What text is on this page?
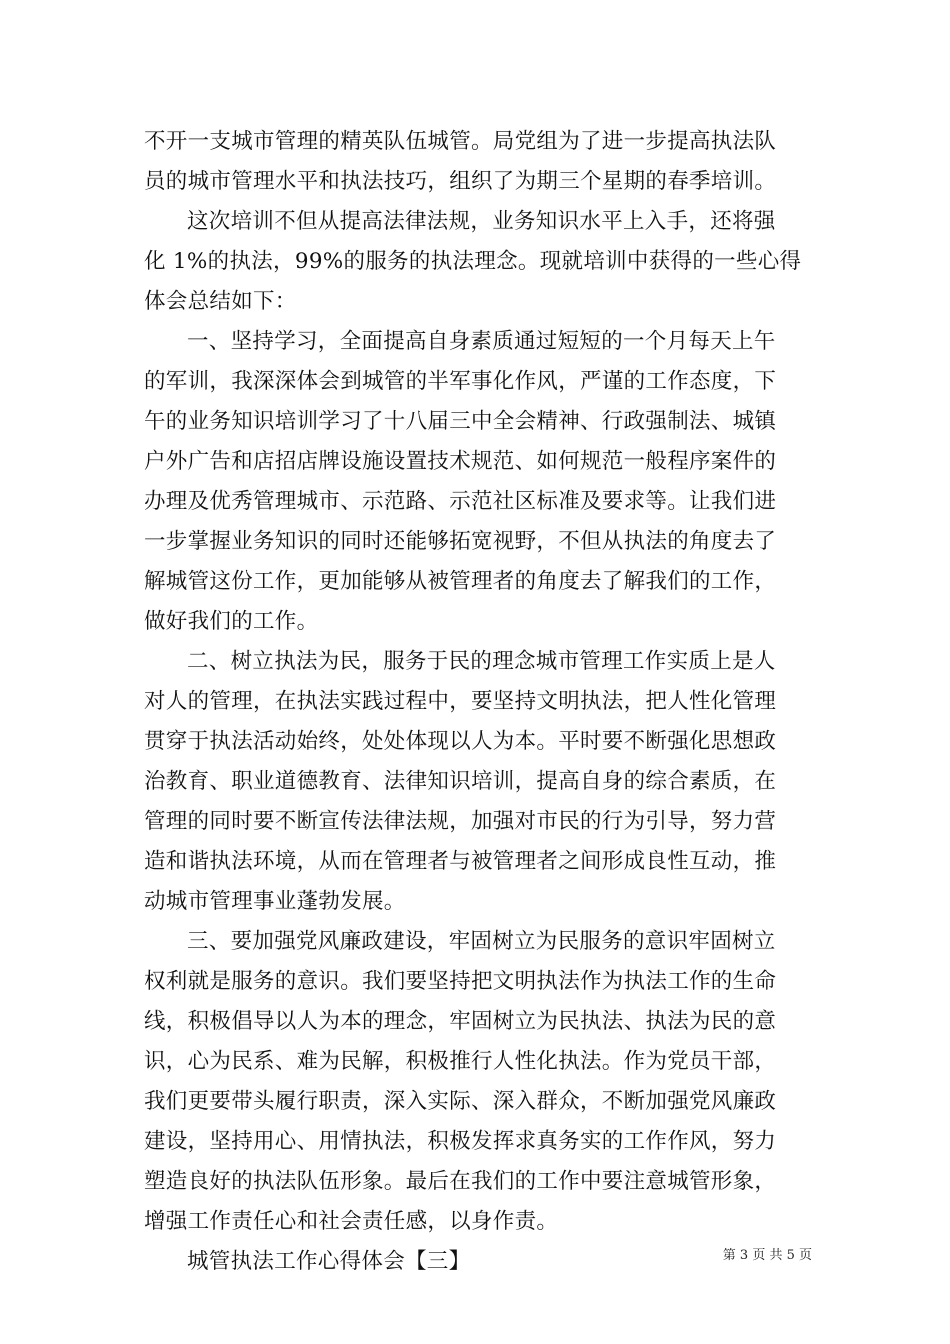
不开一支城市管理的精英队伍城管。局党组为了进一步提高执法队
员的城市管理水平和执法技巧，组织了为期三个星期的春季培训。
这次培训不但从提高法律法规，业务知识水平上入手，还将强
化 1%的执法，99%的服务的执法理念。现就培训中获得的一些心得
体会总结如下：
一、坚持学习，全面提高自身素质通过短短的一个月每天上午
的军训，我深深体会到城管的半军事化作风，严谨的工作态度，下
午的业务知识培训学习了十八届三中全会精神、行政强制法、城镇
户外广告和店招店牌设施设置技术规范、如何规范一般程序案件的
办理及优秀管理城市、示范路、示范社区标准及要求等。让我们进
一步掌握业务知识的同时还能够拓宽视野，不但从执法的角度去了
解城管这份工作，更加能够从被管理者的角度去了解我们的工作，
做好我们的工作。
二、树立执法为民，服务于民的理念城市管理工作实质上是人
对人的管理，在执法实践过程中，要坚持文明执法，把人性化管理
贯穿于执法活动始终，处处体现以人为本。平时要不断强化思想政
治教育、职业道德教育、法律知识培训，提高自身的综合素质，在
管理的同时要不断宣传法律法规，加强对市民的行为引导，努力营
造和谐执法环境，从而在管理者与被管理者之间形成良性互动，推
动城市管理事业蓬勃发展。
三、要加强党风廉政建设，牢固树立为民服务的意识牢固树立
权利就是服务的意识。我们要坚持把文明执法作为执法工作的生命
线，积极倡导以人为本的理念，牢固树立为民执法、执法为民的意
识，心为民系、难为民解，积极推行人性化执法。作为党员干部，
我们更要带头履行职责，深入实际、深入群众，不断加强党风廉政
建设，坚持用心、用情执法，积极发挥求真务实的工作作风，努力
塑造良好的执法队伍形象。最后在我们的工作中要注意城管形象，
增强工作责任心和社会责任感，以身作责。
城管执法工作心得体会【三】	第 3 页 共 5 页
